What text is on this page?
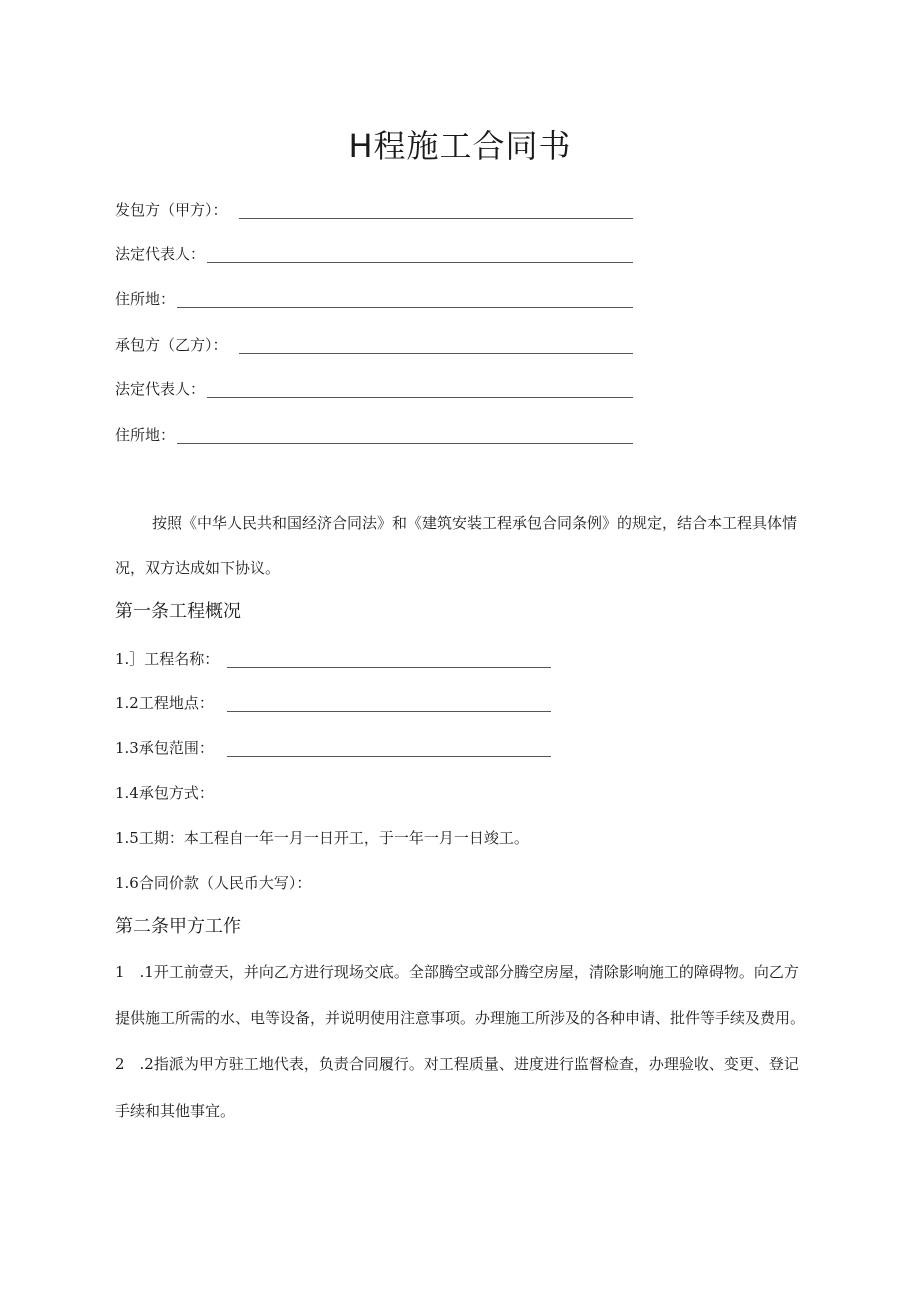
H程施工合同书
发包方（甲方）：
法定代表人：
住所地：
承包方（乙方）：
法定代表人：
住所地：
按照《中华人民共和国经济合同法》和《建筑安装工程承包合同条例》的规定，结合本工程具体情
况，双方达成如下协议。
第一条工程概况
1.］工程名称：
1.2工程地点：
1.3承包范围：
1.4承包方式：
1.5工期：本工程自一年一月一日开工，于一年一月一日竣工。
1.6合同价款（人民币大写）：
第二条甲方工作
1　.1开工前壹天，并向乙方进行现场交底。全部腾空或部分腾空房屋，清除影响施工的障碍物。向乙方
提供施工所需的水、电等设备，并说明使用注意事项。办理施工所涉及的各种申请、批件等手续及费用。
2　.2指派为甲方驻工地代表，负责合同履行。对工程质量、进度进行监督检查，办理验收、变更、登记
手续和其他事宜。
